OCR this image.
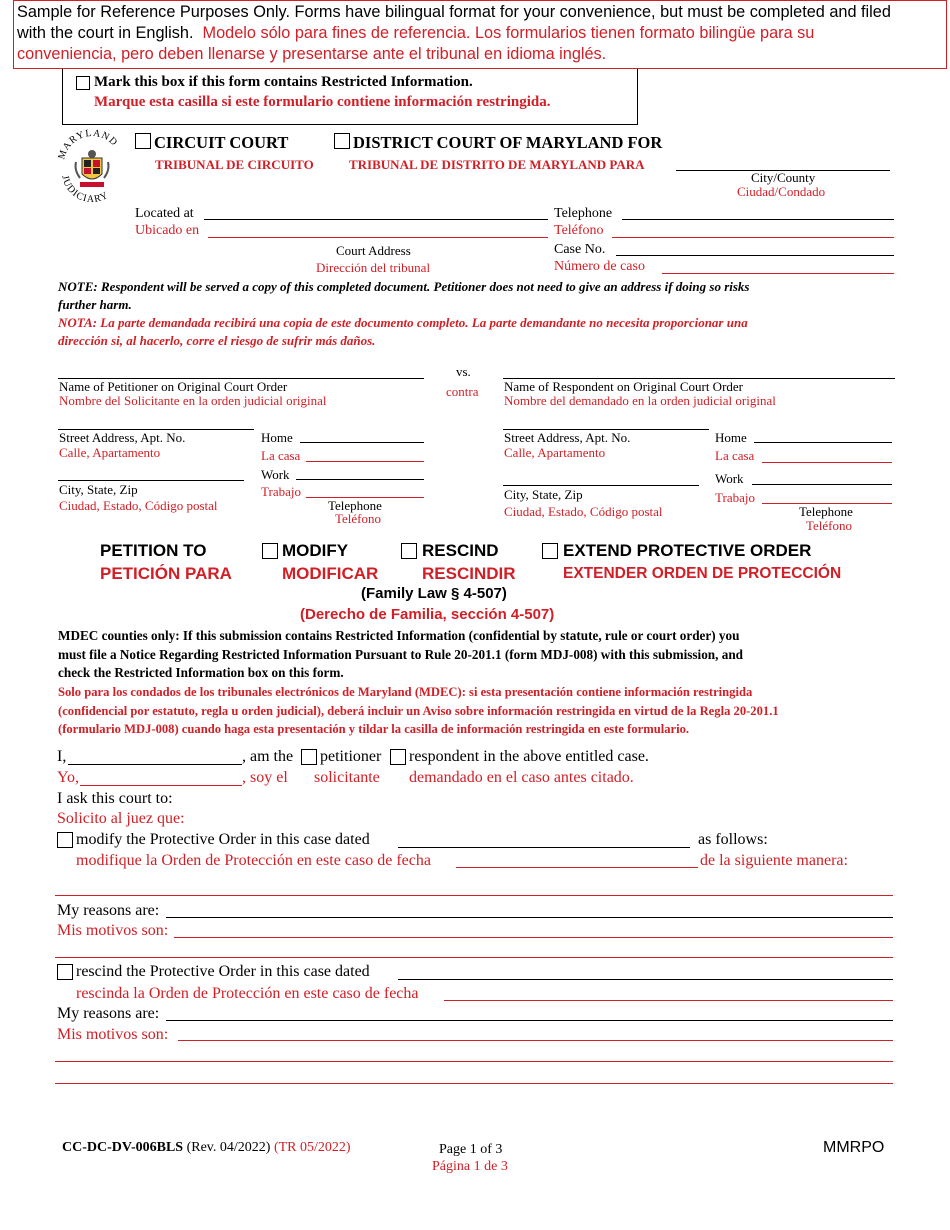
Sample for Reference Purposes Only. Forms have bilingual format for your convenience, but must be completed and filed
with the court in English. Modelo sólo para fines de referencia. Los formularios tienen formato bilingüe para su
conveniencia, pero deben llenarse y presentarse ante el tribunal en idioma inglés.
Mark this box if this form contains Restricted Information.
Marque esta casilla si este formulario contiene información restringida.
MARYLAND
JUDICIARY
CIRCUIT COURT	DISTRICT COURT OF MARYLAND FOR
TRIBUNAL DE CIRCUITO	TRIBUNAL DE DISTRITO DE MARYLAND PARA
City/County
Ciudad/Condado
Located at
Ubicado en
Court Address
Dirección del tribunal
Telephone
Teléfono
Case No.
Número de caso
NOTE: Respondent will be served a copy of this completed document. Petitioner does not need to give an address if doing so risks
further harm.
NOTA: La parte demandada recibirá una copia de este documento completo. La parte demandante no necesita proporcionar una
dirección si, al hacerlo, corre el riesgo de sufrir más daños.
vs.
contra
Name of Petitioner on Original Court Order
Nombre del Solicitante en la orden judicial original
Street Address, Apt. No.
Calle, Apartamento
Home
La casa
Work
Trabajo
City, State, Zip
Ciudad, Estado, Código postal	Telephone
Teléfono
Name of Respondent on Original Court Order
Nombre del demandado en la orden judicial original
Street Address, Apt. No.
Calle, Apartamento
Home
La casa
Work
Trabajo
City, State, Zip
Ciudad, Estado, Código postal	Telephone
Teléfono
PETITION TO
PETICIÓN PARA
MODIFY
MODIFICAR
RESCIND
RESCINDIR
EXTEND PROTECTIVE ORDER
EXTENDER ORDEN DE PROTECCIÓN
(Family Law § 4-507)
(Derecho de Familia, sección 4-507)
MDEC counties only: If this submission contains Restricted Information (confidential by statute, rule or court order) you
must file a Notice Regarding Restricted Information Pursuant to Rule 20-201.1 (form MDJ-008) with this submission, and
check the Restricted Information box on this form.
Solo para los condados de los tribunales electrónicos de Maryland (MDEC): si esta presentación contiene información restringida
(confidencial por estatuto, regla u orden judicial), deberá incluir un Aviso sobre información restringida en virtud de la Regla 20-201.1
(formulario MDJ-008) cuando haga esta presentación y tildar la casilla de información restringida en este formulario.
I,	, am the petitioner respondent in the above entitled case.
Yo,	, soy el solicitante demandado en el caso antes citado.
I ask this court to:
Solicito al juez que:
modify the Protective Order in this case dated	as follows:
modifique la Orden de Protección en este caso de fecha	de la siguiente manera:
My reasons are:
Mis motivos son:
rescind the Protective Order in this case dated
rescinda la Orden de Protección en este caso de fecha
My reasons are:
Mis motivos son:
CC-DC-DV-006BLS (Rev. 04/2022) (TR 05/2022)	Page 1 of 3
Página 1 de 3
MMRPO
